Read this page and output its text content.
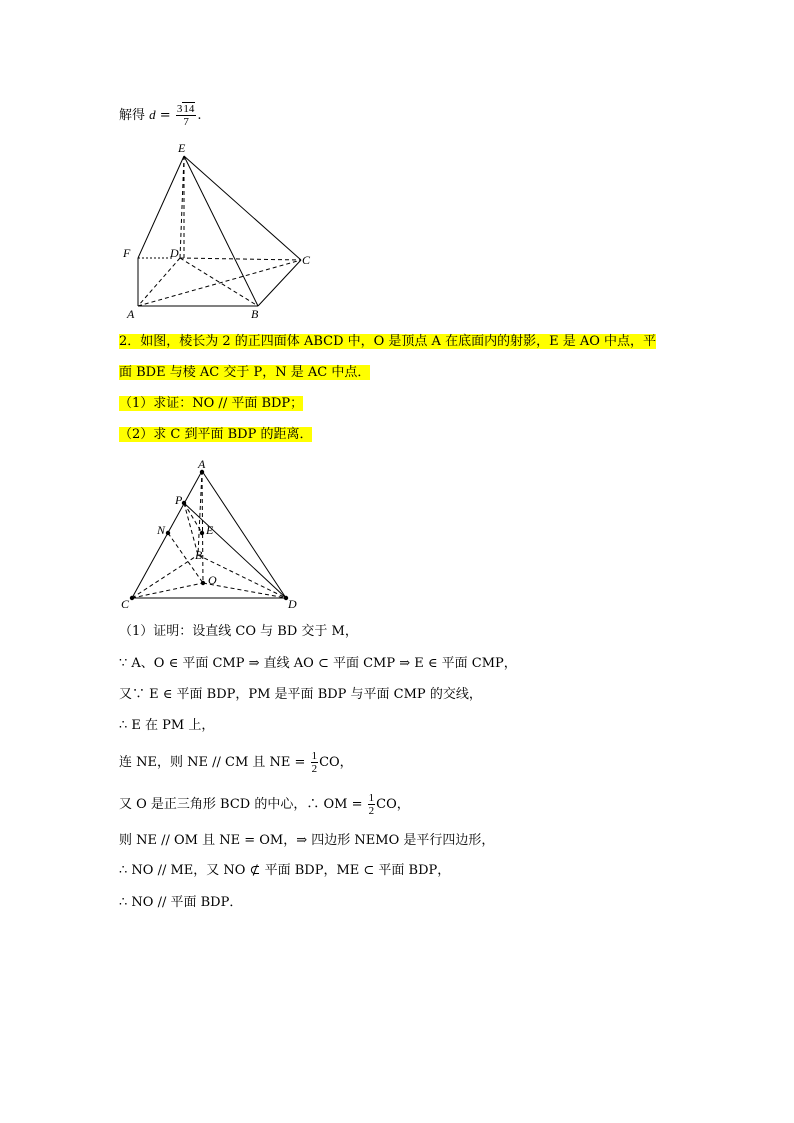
解得 $d = \frac{314}{7}$ .
E
F	D	C
A	B
2．如图，棱长为 2 的正四面体 ABCD 中，O 是顶点 A 在底面内的射影，E 是 AO 中点，平
面 BDE 与棱 AC 交于 P，N 是 AC 中点．
（1）求证：NO // 平面 BDP；
（2）求 C 到平面 BDP 的距离．
A
P
N	E
B
O
C	D
（1）证明：设直线 CO 与 BD 交于 M，
∵ A、O ∈ 平面 CMP ⇒ 直线 AO ⊂ 平面 CMP ⇒ E ∈ 平面 CMP，
又∵ E ∈ 平面 BDP，PM 是平面 BDP 与平面 CMP 的交线，
∴ E 在 PM 上，
连 NE，则 NE // CM 且 NE = $\frac{1}{2}$ CO，
又 O 是正三角形 BCD 的中心，∴ OM = $\frac{1}{2}$ CO，
则 NE // OM 且 NE = OM，⇒ 四边形 NEMO 是平行四边形，
∴ NO // ME，又 NO ⊄ 平面 BDP，ME ⊂ 平面 BDP，
∴ NO // 平面 BDP．
